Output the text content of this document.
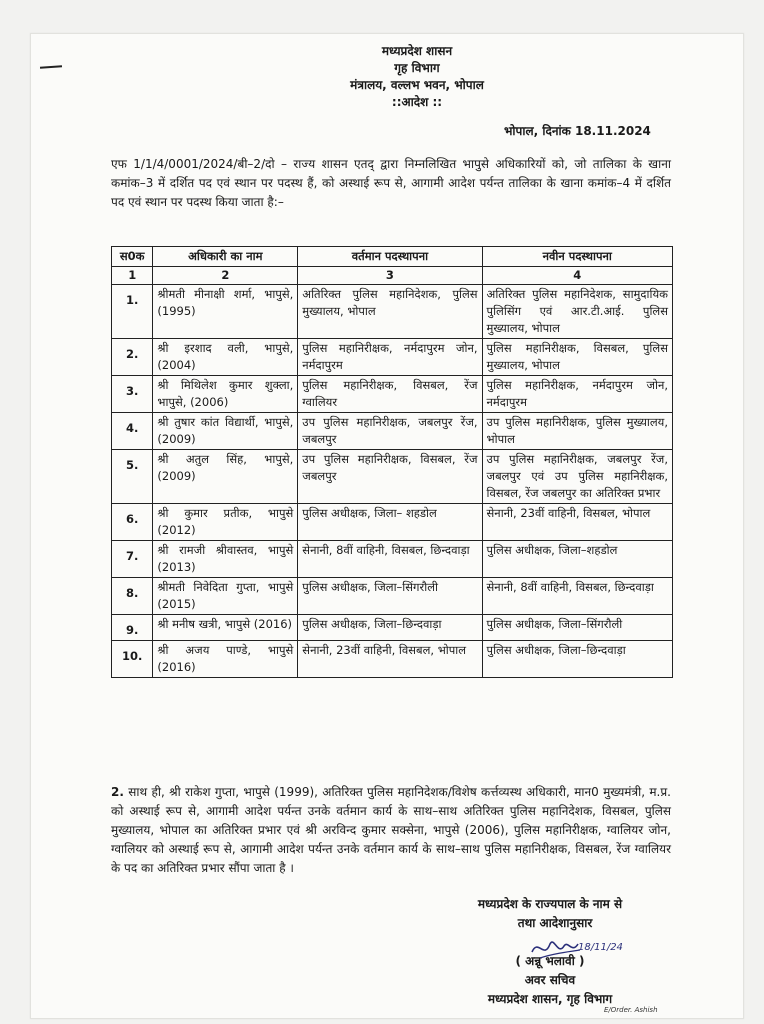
मध्यप्रदेश शासन
गृह विभाग
मंत्रालय, वल्लभ भवन, भोपाल
::आदेश ::
भोपाल, दिनांक 18.11.2024
एफ 1/1/4/0001/2024/बी–2/दो – राज्य शासन एतद् द्वारा निम्नलिखित भापुसे अधिकारियों को, जो तालिका के खाना कमांक–3 में दर्शित पद एवं स्थान पर पदस्थ हैं, को अस्थाई रूप से, आगामी आदेश पर्यन्त तालिका के खाना कमांक–4 में दर्शित पद एवं स्थान पर पदस्थ किया जाता है:–
स0क	अधिकारी का नाम	वर्तमान पदस्थापना	नवीन पदस्थापना
1	2	3	4
1.	श्रीमती मीनाक्षी शर्मा, भापुसे, (1995)	अतिरिक्त पुलिस महानिदेशक, पुलिस मुख्यालय, भोपाल	अतिरिक्त पुलिस महानिदेशक, सामुदायिक पुलिसिंग एवं आर.टी.आई. पुलिस मुख्यालय, भोपाल
2.	श्री इरशाद वली, भापुसे, (2004)	पुलिस महानिरीक्षक, नर्मदापुरम जोन, नर्मदापुरम	पुलिस महानिरीक्षक, विसबल, पुलिस मुख्यालय, भोपाल
3.	श्री मिथिलेश कुमार शुक्ला, भापुसे, (2006)	पुलिस महानिरीक्षक, विसबल, रेंज ग्वालियर	पुलिस महानिरीक्षक, नर्मदापुरम जोन, नर्मदापुरम
4.	श्री तुषार कांत विद्यार्थी, भापुसे, (2009)	उप पुलिस महानिरीक्षक, जबलपुर रेंज, जबलपुर	उप पुलिस महानिरीक्षक, पुलिस मुख्यालय, भोपाल
5.	श्री अतुल सिंह, भापुसे, (2009)	उप पुलिस महानिरीक्षक, विसबल, रेंज जबलपुर	उप पुलिस महानिरीक्षक, जबलपुर रेंज, जबलपुर एवं उप पुलिस महानिरीक्षक, विसबल, रेंज जबलपुर का अतिरिक्त प्रभार
6.	श्री कुमार प्रतीक, भापुसे (2012)	पुलिस अधीक्षक, जिला– शहडोल	सेनानी, 23वीं वाहिनी, विसबल, भोपाल
7.	श्री रामजी श्रीवास्तव, भापुसे (2013)	सेनानी, 8वीं वाहिनी, विसबल, छिन्दवाड़ा	पुलिस अधीक्षक, जिला–शहडोल
8.	श्रीमती निवेदिता गुप्ता, भापुसे (2015)	पुलिस अधीक्षक, जिला–सिंगरौली	सेनानी, 8वीं वाहिनी, विसबल, छिन्दवाड़ा
9.	श्री मनीष खत्री, भापुसे (2016)	पुलिस अधीक्षक, जिला–छिन्दवाड़ा	पुलिस अधीक्षक, जिला–सिंगरौली
10.	श्री अजय पाण्डे, भापुसे (2016)	सेनानी, 23वीं वाहिनी, विसबल, भोपाल	पुलिस अधीक्षक, जिला–छिन्दवाड़ा
2. साथ ही, श्री राकेश गुप्ता, भापुसे (1999), अतिरिक्त पुलिस महानिदेशक/विशेष कर्त्तव्यस्थ अधिकारी, मान0 मुख्यमंत्री, म.प्र. को अस्थाई रूप से, आगामी आदेश पर्यन्त उनके वर्तमान कार्य के साथ–साथ अतिरिक्त पुलिस महानिदेशक, विसबल, पुलिस मुख्यालय, भोपाल का अतिरिक्त प्रभार एवं श्री अरविन्द कुमार सक्सेना, भापुसे (2006), पुलिस महानिरीक्षक, ग्वालियर जोन, ग्वालियर को अस्थाई रूप से, आगामी आदेश पर्यन्त उनके वर्तमान कार्य के साथ–साथ पुलिस महानिरीक्षक, विसबल, रेंज ग्वालियर के पद का अतिरिक्त प्रभार सौंपा जाता है ।
मध्यप्रदेश के राज्यपाल के नाम से
तथा आदेशानुसार
( अन्नू भलावी )
अवर सचिव
मध्यप्रदेश शासन, गृह विभाग
18/11/24
E/Order. Ashish
